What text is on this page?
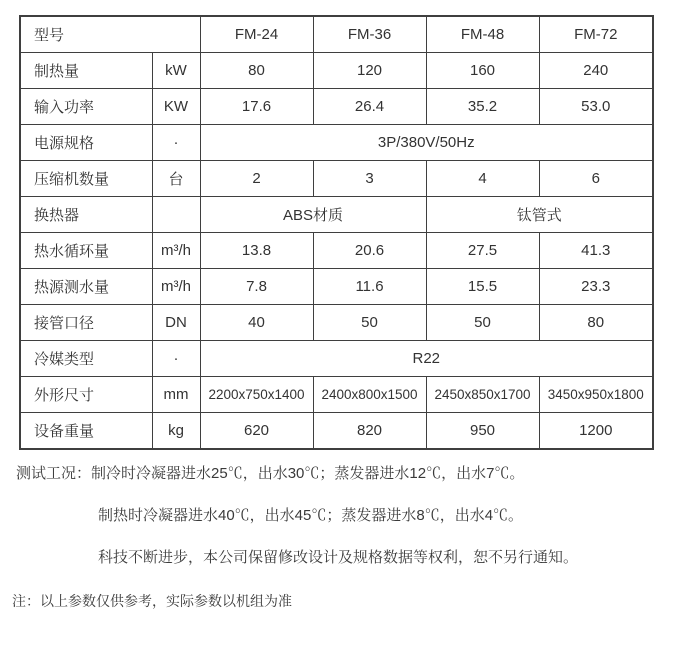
型号		FM-24	FM-36	FM-48	FM-72
制热量	kW	80	120	160	240
输入功率	KW	17.6	26.4	35.2	53.0
电源规格	·	3P/380V/50Hz			
压缩机数量	台	2	3	4	6
换热器		ABS材质		钛管式	
热水循环量	m³/h	13.8	20.6	27.5	41.3
热源测水量	m³/h	7.8	11.6	15.5	23.3
接管口径	DN	40	50	50	80
冷媒类型	·	R22			
外形尺寸	mm	2200x750x1400	2400x800x1500	2450x850x1700	3450x950x1800
设备重量	kg	620	820	950	1200
测试工况：制冷时冷凝器进水25℃，出水30℃；蒸发器进水12℃，出水7℃。
制热时冷凝器进水40℃，出水45℃；蒸发器进水8℃，出水4℃。
科技不断进步，本公司保留修改设计及规格数据等权利，恕不另行通知。
注：以上参数仅供参考，实际参数以机组为准
